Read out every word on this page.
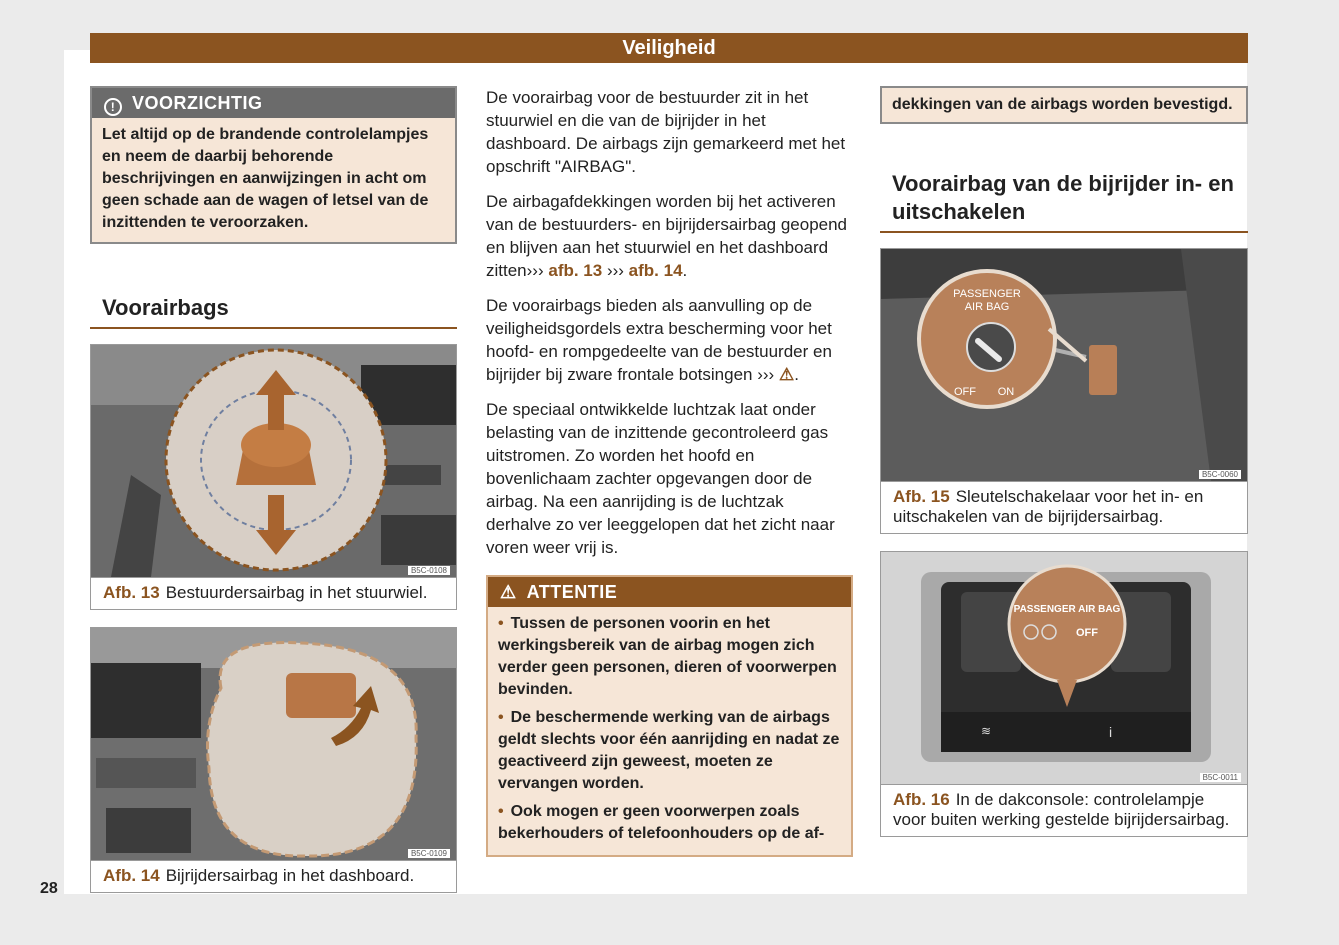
Veiligheid
! VOORZICHTIG
Let altijd op de brandende controlelampjes en neem de daarbij behorende beschrijvingen en aanwijzingen in acht om geen schade aan de wagen of letsel van de inzittenden te veroorzaken.
Voorairbags
B5C-0108
Afb. 13 Bestuurdersairbag in het stuurwiel.
B5C-0109
Afb. 14 Bijrijdersairbag in het dashboard.

De voorairbag voor de bestuurder zit in het stuurwiel en die van de bijrijder in het dashboard. De airbags zijn gemarkeerd met het opschrift "AIRBAG".

De airbagafdekkingen worden bij het activeren van de bestuurders- en bijrijdersairbag geopend en blijven aan het stuurwiel en het dashboard zitten››› afb. 13 ››› afb. 14.

De voorairbags bieden als aanvulling op de veiligheidsgordels extra bescherming voor het hoofd- en rompgedeelte van de bestuurder en bijrijder bij zware frontale botsingen ››› ⚠.

De speciaal ontwikkelde luchtzak laat onder belasting van de inzittende gecontroleerd gas uitstromen. Zo worden het hoofd en bovenlichaam zachter opgevangen door de airbag. Na een aanrijding is de luchtzak derhalve zo ver leeggelopen dat het zicht naar voren weer vrij is.

⚠ ATTENTIE
• Tussen de personen voorin en het werkingsbereik van de airbag mogen zich verder geen personen, dieren of voorwerpen bevinden.
• De beschermende werking van de airbags geldt slechts voor één aanrijding en nadat ze geactiveerd zijn geweest, moeten ze vervangen worden.
• Ook mogen er geen voorwerpen zoals bekerhouders of telefoonhouders op de af-
dekkingen van de airbags worden bevestigd.
Voorairbag van de bijrijder in- en uitschakelen
PASSENGER
AIR BAG
OFF ON
B5C-0060
Afb. 15 Sleutelschakelaar voor het in- en uitschakelen van de bijrijdersairbag.
PASSENGER AIR BAG
OFF
≋	i
B5C-0011
Afb. 16 In de dakconsole: controlelampje voor buiten werking gestelde bijrijdersairbag.
28
